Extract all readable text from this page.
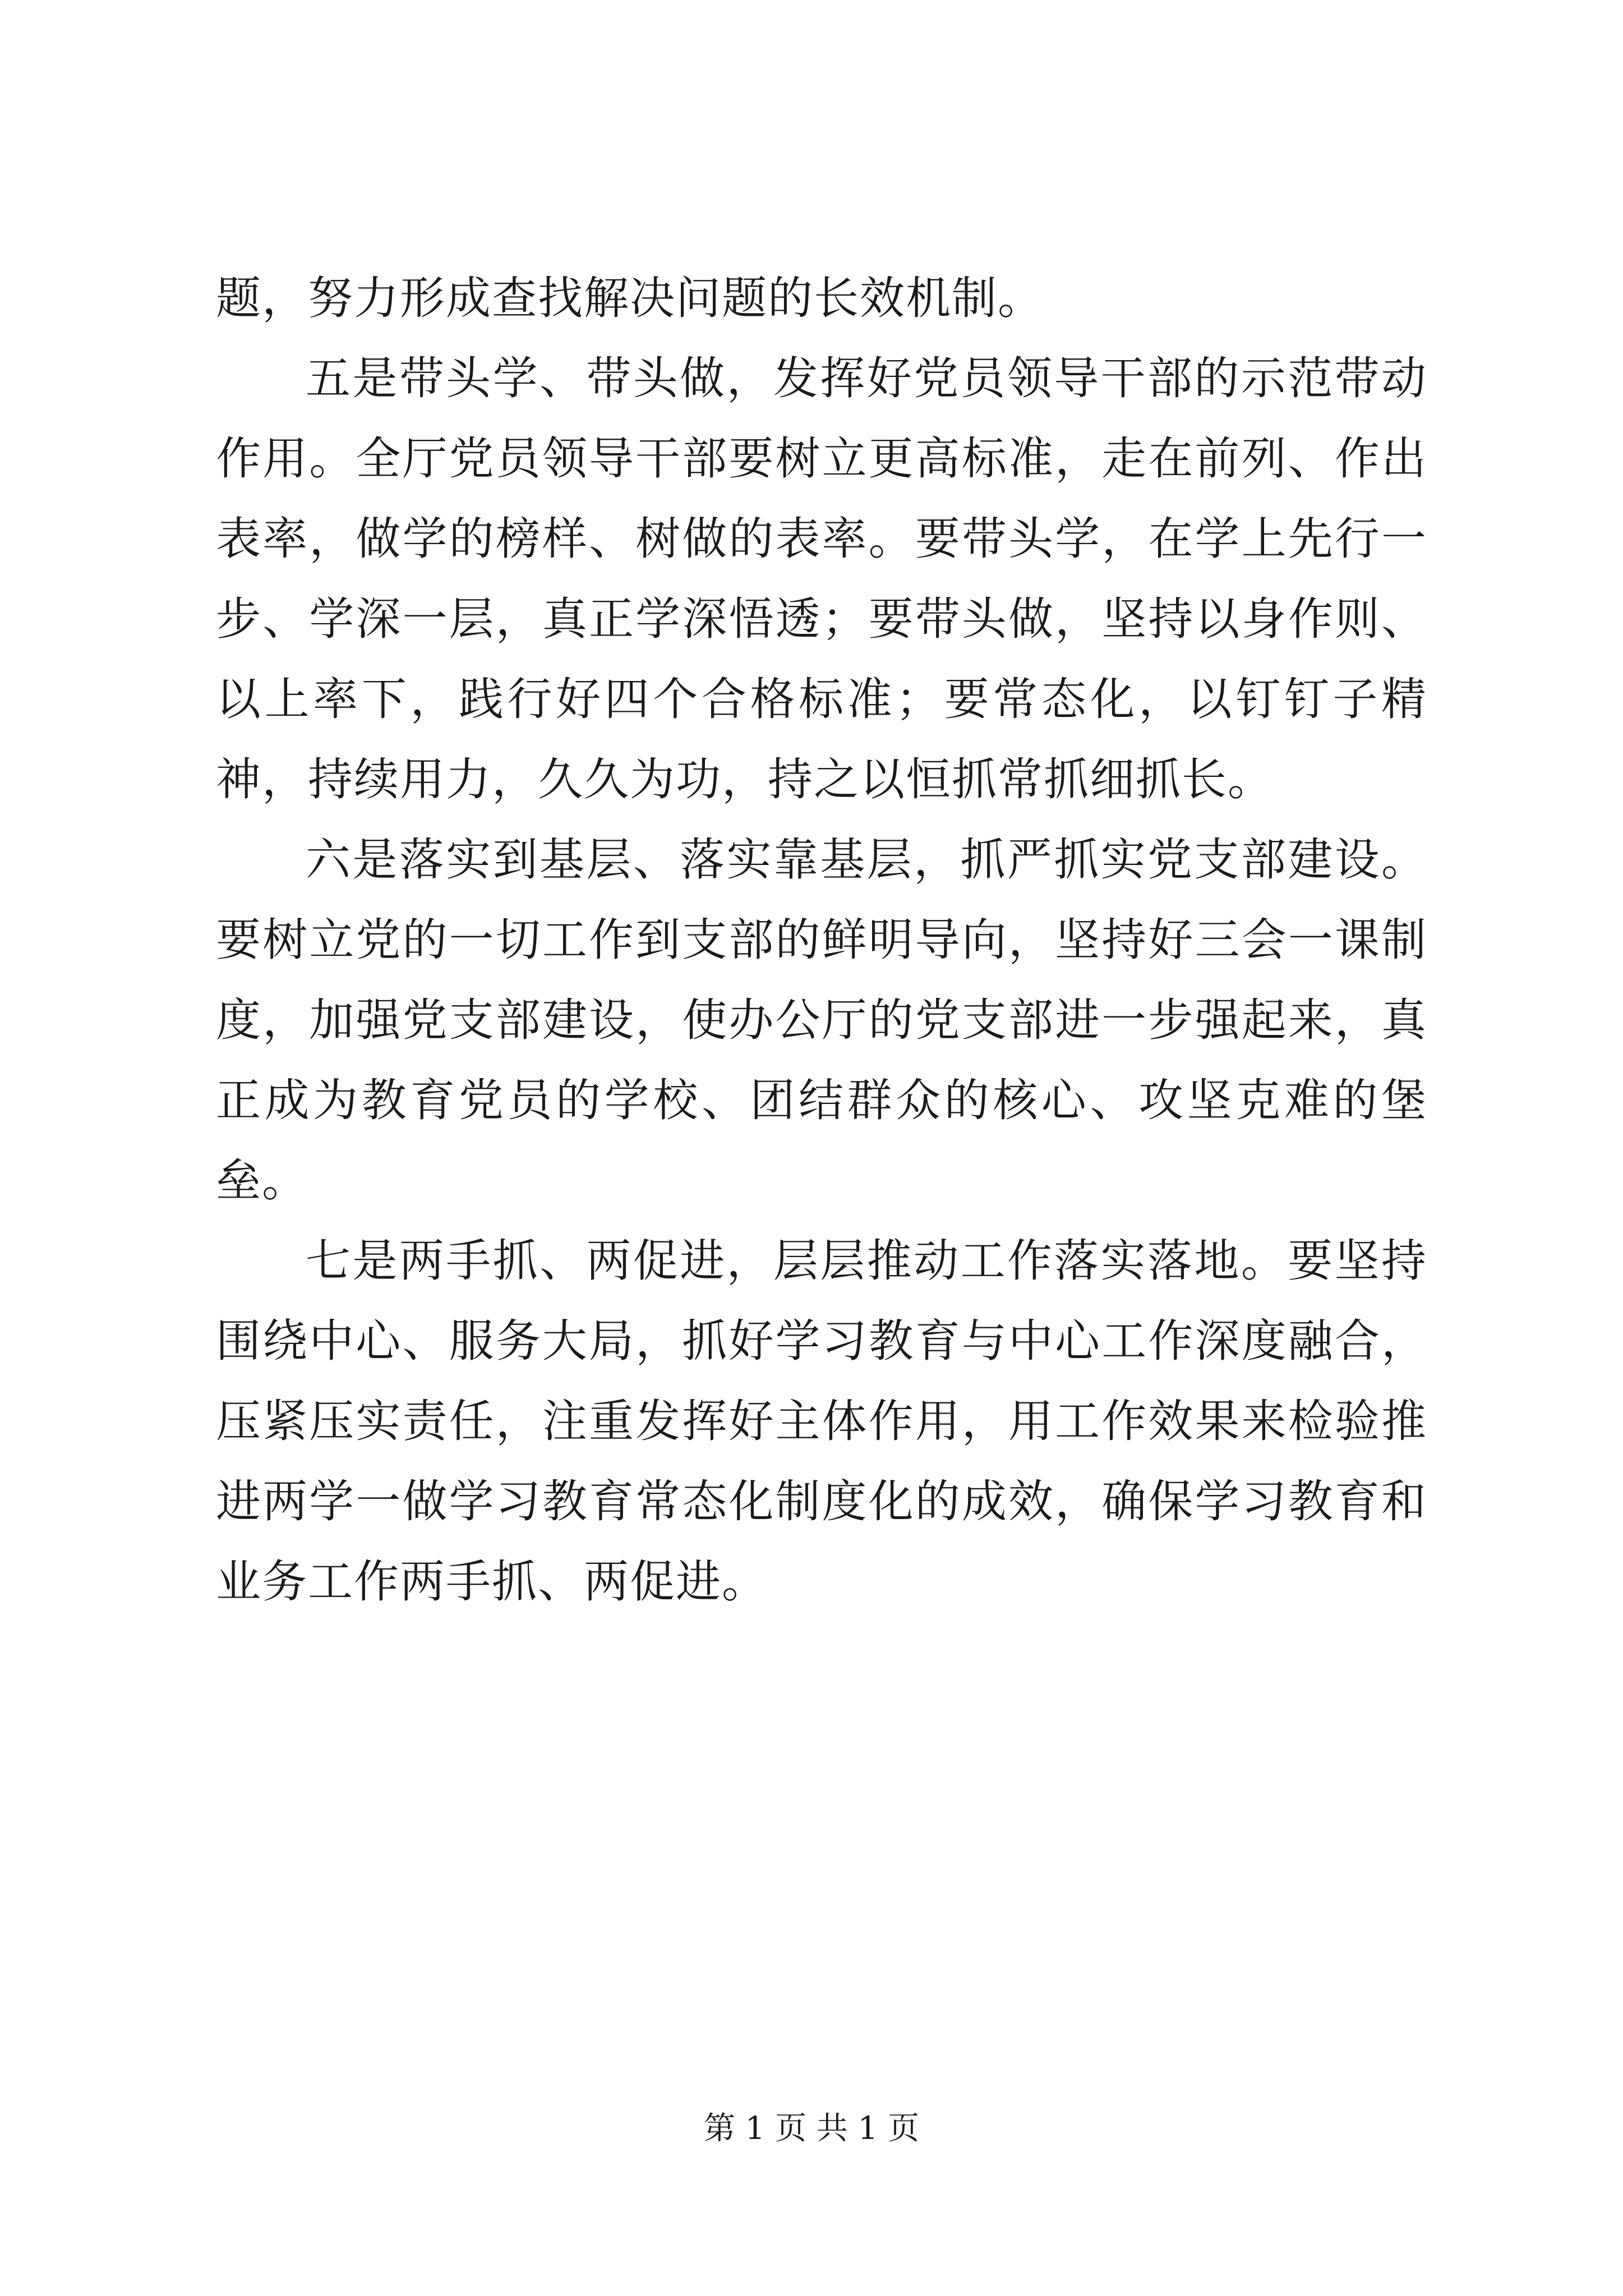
题，努力形成查找解决问题的长效机制。

五是带头学、带头做，发挥好党员领导干部的示范带动作用。全厅党员领导干部要树立更高标准，走在前列、作出表率，做学的榜样、树做的表率。要带头学，在学上先行一步、学深一层，真正学深悟透；要带头做，坚持以身作则、以上率下，践行好四个合格标准；要常态化，以钉钉子精神，持续用力，久久为功，持之以恒抓常抓细抓长。

六是落实到基层、落实靠基层，抓严抓实党支部建设。要树立党的一切工作到支部的鲜明导向，坚持好三会一课制度，加强党支部建设，使办公厅的党支部进一步强起来，真正成为教育党员的学校、团结群众的核心、攻坚克难的堡垒。

七是两手抓、两促进，层层推动工作落实落地。要坚持围绕中心、服务大局，抓好学习教育与中心工作深度融合，压紧压实责任，注重发挥好主体作用，用工作效果来检验推进两学一做学习教育常态化制度化的成效，确保学习教育和业务工作两手抓、两促进。

第 1 页 共 1 页
